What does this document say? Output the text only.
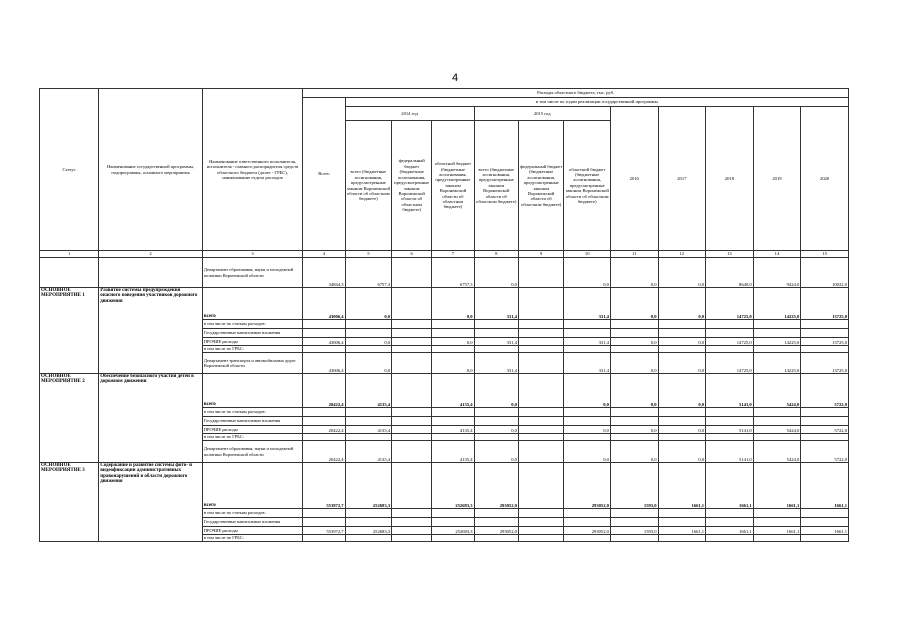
4
Статус	Наименование государственной программы, подпрограммы, основного мероприятия	Наименование ответственного исполнителя, исполнителя - главного распорядителя средств областного бюджета (далее - ГРБС), наименование отдела расходов	Расходы областного бюджета, тыс. руб.											
			Всего	в том числе по годам реализации государственной программы										
				2014 год			2015 год			2016	2017	2018	2019	2020
				всего (бюджетные ассигнования, предусмотренные законом Воронежской области об областном бюджете)	федеральный бюджет (бюджетные ассигнования, предусмотренные законом Воронежской области об областном бюджете)	областной бюджет (бюджетные ассигнования, предусмотренные законом Воронежской области об областном бюджете)	всего (бюджетные ассигнования, предусмотренные законом Воронежской области об областном бюджете)	федеральный бюджет (бюджетные ассигнования, предусмотренные законом Воронежской области об областном бюджете)	областной бюджет (бюджетные ассигнования, предусмотренные законом Воронежской области об областном бюджете)					
1	2	3	4	5	6	7	8	9	10	11	12	13	14	15
		Департамент образования, науки и молодежной политики Воронежской области	34844,3	6757,3		6757,3	0,0		0,0	0,0	0,0	8640,0	9424,0	10022,0
ОСНОВНОЕ МЕРОПРИЯТИЕ 1	Развитие системы предупреждения опасного поведения участников дорожного движения	всего	43006,4	0,0		0,0	331,4		331,4	0,0	0,0	14725,0	14225,0	13725,0
		в том числе по статьям расходов:												
		Государственные капитальные вложения												
		ПРОЧИЕ расходы	43006,4	0,0		0,0	331,4		331,4	0,0	0,0	14725,0	14225,0	13725,0
		в том числе по ГРБС:												
		Департамент транспорта и автомобильных дорог Воронежской области	43006,4	0,0		0,0	331,4		331,4	0,0	0,0	14725,0	14225,0	13725,0
ОСНОВНОЕ МЕРОПРИЯТИЕ 2	Обеспечение безопасного участия детей в дорожном движении	всего	20422,4	4135,4		4135,4	0,0		0,0	0,0	0,0	5141,0	5424,0	5722,0
		в том числе по статьям расходов:												
		Государственные капитальные вложения												
		ПРОЧИЕ расходы	20422,4	4135,4		4135,4	0,0		0,0	0,0	0,0	5141,0	5424,0	5722,0
		в том числе по ГРБС:												
		Департамент образования, науки и молодежной политики Воронежской области	20422,4	4135,4		4135,4	0,0		0,0	0,0	0,0	5141,0	5424,0	5722,0
ОСНОВНОЕ МЕРОПРИЯТИЕ 3	Содержание и развитие системы фото- и видеофиксации административных правонарушений в области дорожного движения	всего	553972,7	252683,3		252683,3	293052,0		293052,0	1593,0	1661,1	1661,1	1661,1	1661,1
		в том числе по статьям расходов:												
		Государственные капитальные вложения												
		ПРОЧИЕ расходы	553972,7	252683,3		252683,3	293052,0		293052,0	1593,0	1661,1	1661,1	1661,1	1661,1
		в том числе по ГРБС:												
